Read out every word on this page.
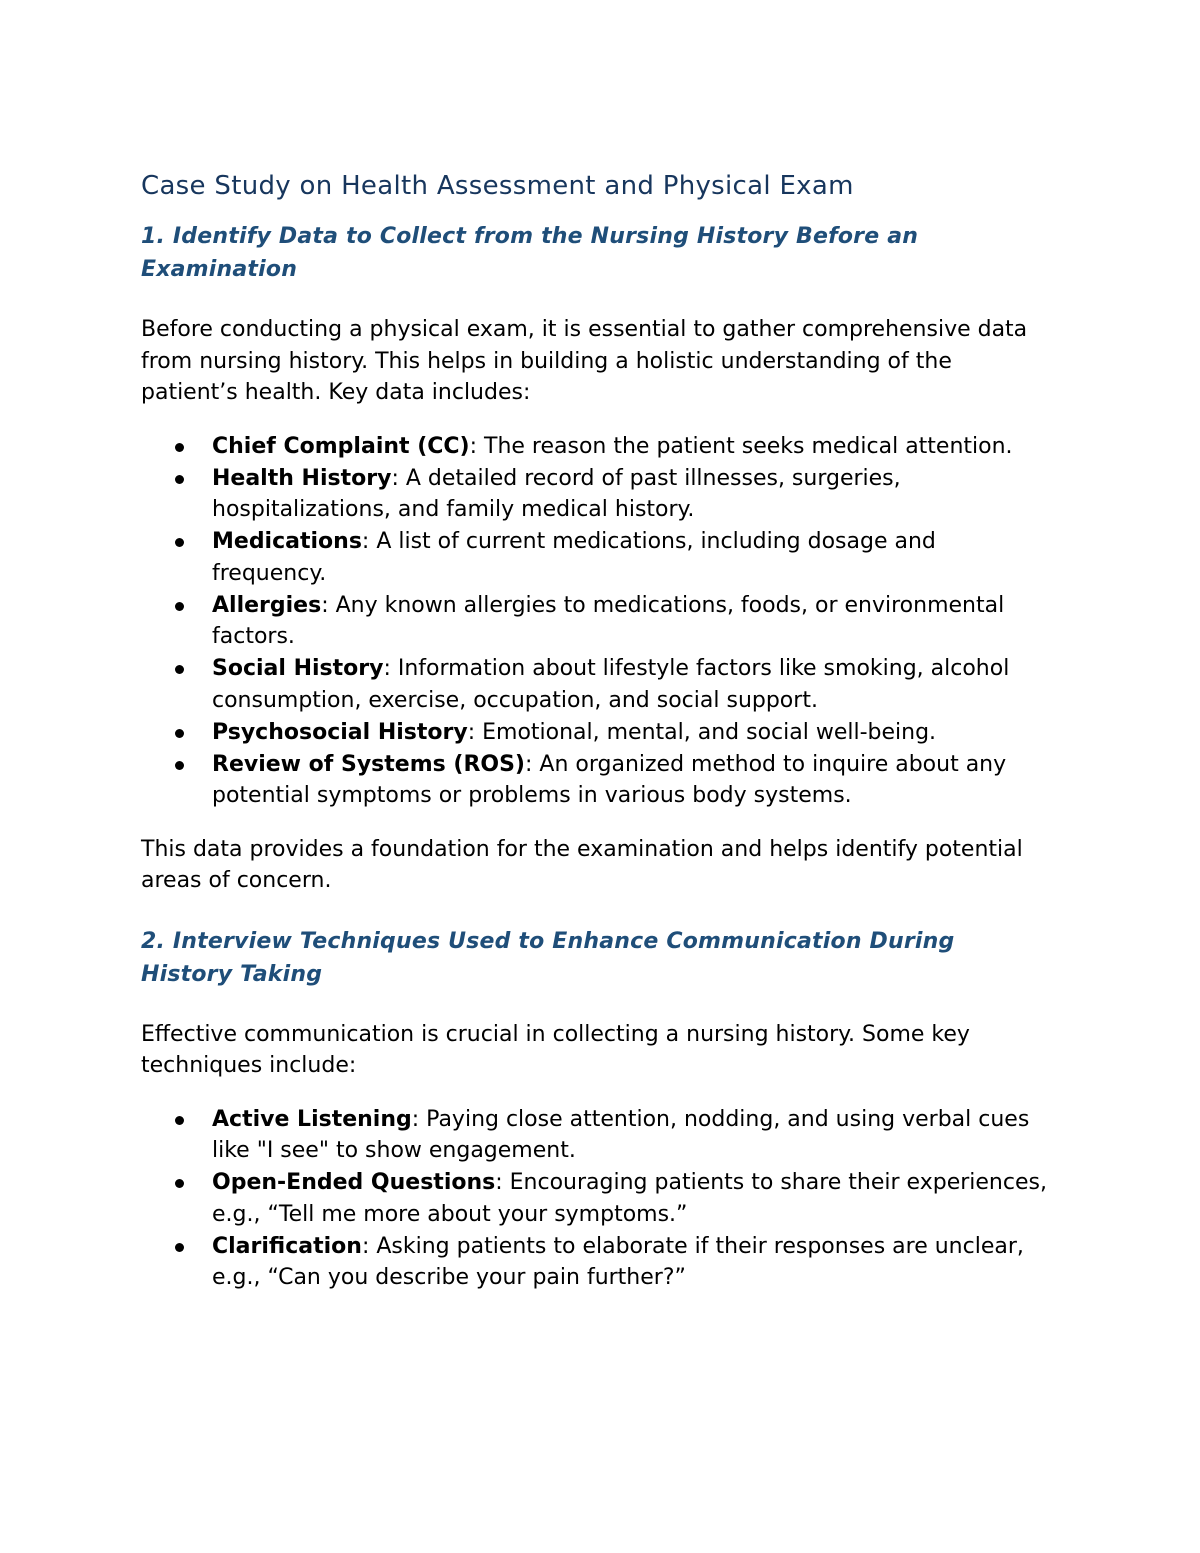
Case Study on Health Assessment and Physical Exam
1. Identify Data to Collect from the Nursing History Before an Examination

Before conducting a physical exam, it is essential to gather comprehensive data from nursing history. This helps in building a holistic understanding of the patient’s health. Key data includes:

Chief Complaint (CC): The reason the patient seeks medical attention.
Health History: A detailed record of past illnesses, surgeries, hospitalizations, and family medical history.
Medications: A list of current medications, including dosage and frequency.
Allergies: Any known allergies to medications, foods, or environmental factors.
Social History: Information about lifestyle factors like smoking, alcohol consumption, exercise, occupation, and social support.
Psychosocial History: Emotional, mental, and social well-being.
Review of Systems (ROS): An organized method to inquire about any potential symptoms or problems in various body systems.

This data provides a foundation for the examination and helps identify potential areas of concern.

2. Interview Techniques Used to Enhance Communication During History Taking

Effective communication is crucial in collecting a nursing history. Some key techniques include:

Active Listening: Paying close attention, nodding, and using verbal cues like "I see" to show engagement.
Open-Ended Questions: Encouraging patients to share their experiences, e.g., “Tell me more about your symptoms.”
Clarification: Asking patients to elaborate if their responses are unclear, e.g., “Can you describe your pain further?”
